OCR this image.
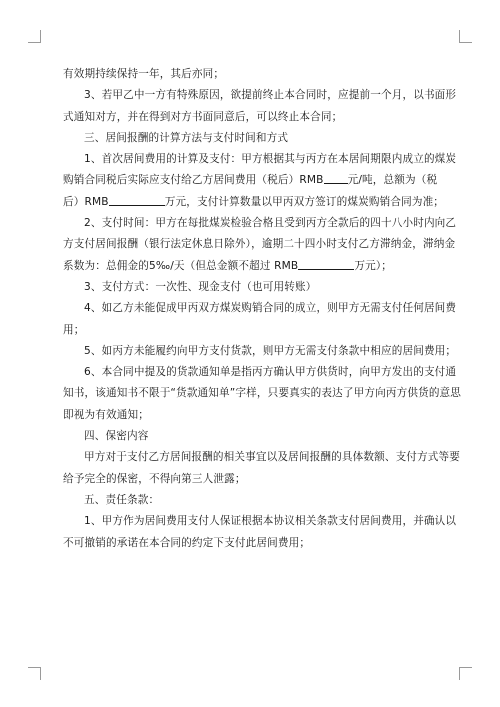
有效期持续保持一年，其后亦同；

3、若甲乙中一方有特殊原因，欲提前终止本合同时，应提前一个月，以书面形

式通知对方，并在得到对方书面同意后，可以终止本合同；

三、居间报酬的计算方法与支付时间和方式

1、首次居间费用的计算及支付：甲方根据其与丙方在本居间期限内成立的煤炭

购销合同税后实际应支付给乙方居间费用（税后）RMB 元/吨，总额为（税

后）RMB	万元，支付计算数量以甲丙双方签订的煤炭购销合同为准；

2、支付时间：甲方在每批煤炭检验合格且受到丙方全款后的四十八小时内向乙

方支付居间报酬（银行法定休息日除外），逾期二十四小时支付乙方滞纳金，滞纳金

系数为：总佣金的5‰/天（但总金额不超过 RMB	万元）；

3、支付方式：一次性、现金支付（也可用转账）

4、如乙方未能促成甲丙双方煤炭购销合同的成立，则甲方无需支付任何居间费

用；

5、如丙方未能履约向甲方支付货款，则甲方无需支付条款中相应的居间费用；

6、本合同中提及的货款通知单是指丙方确认甲方供货时，向甲方发出的支付通

知书，该通知书不限于“货款通知单”字样，只要真实的表达了甲方向丙方供货的意思

即视为有效通知；

四、保密内容

甲方对于支付乙方居间报酬的相关事宜以及居间报酬的具体数额、支付方式等要

给予完全的保密，不得向第三人泄露；

五、责任条款：

1、甲方作为居间费用支付人保证根据本协议相关条款支付居间费用，并确认以

不可撤销的承诺在本合同的约定下支付此居间费用；
